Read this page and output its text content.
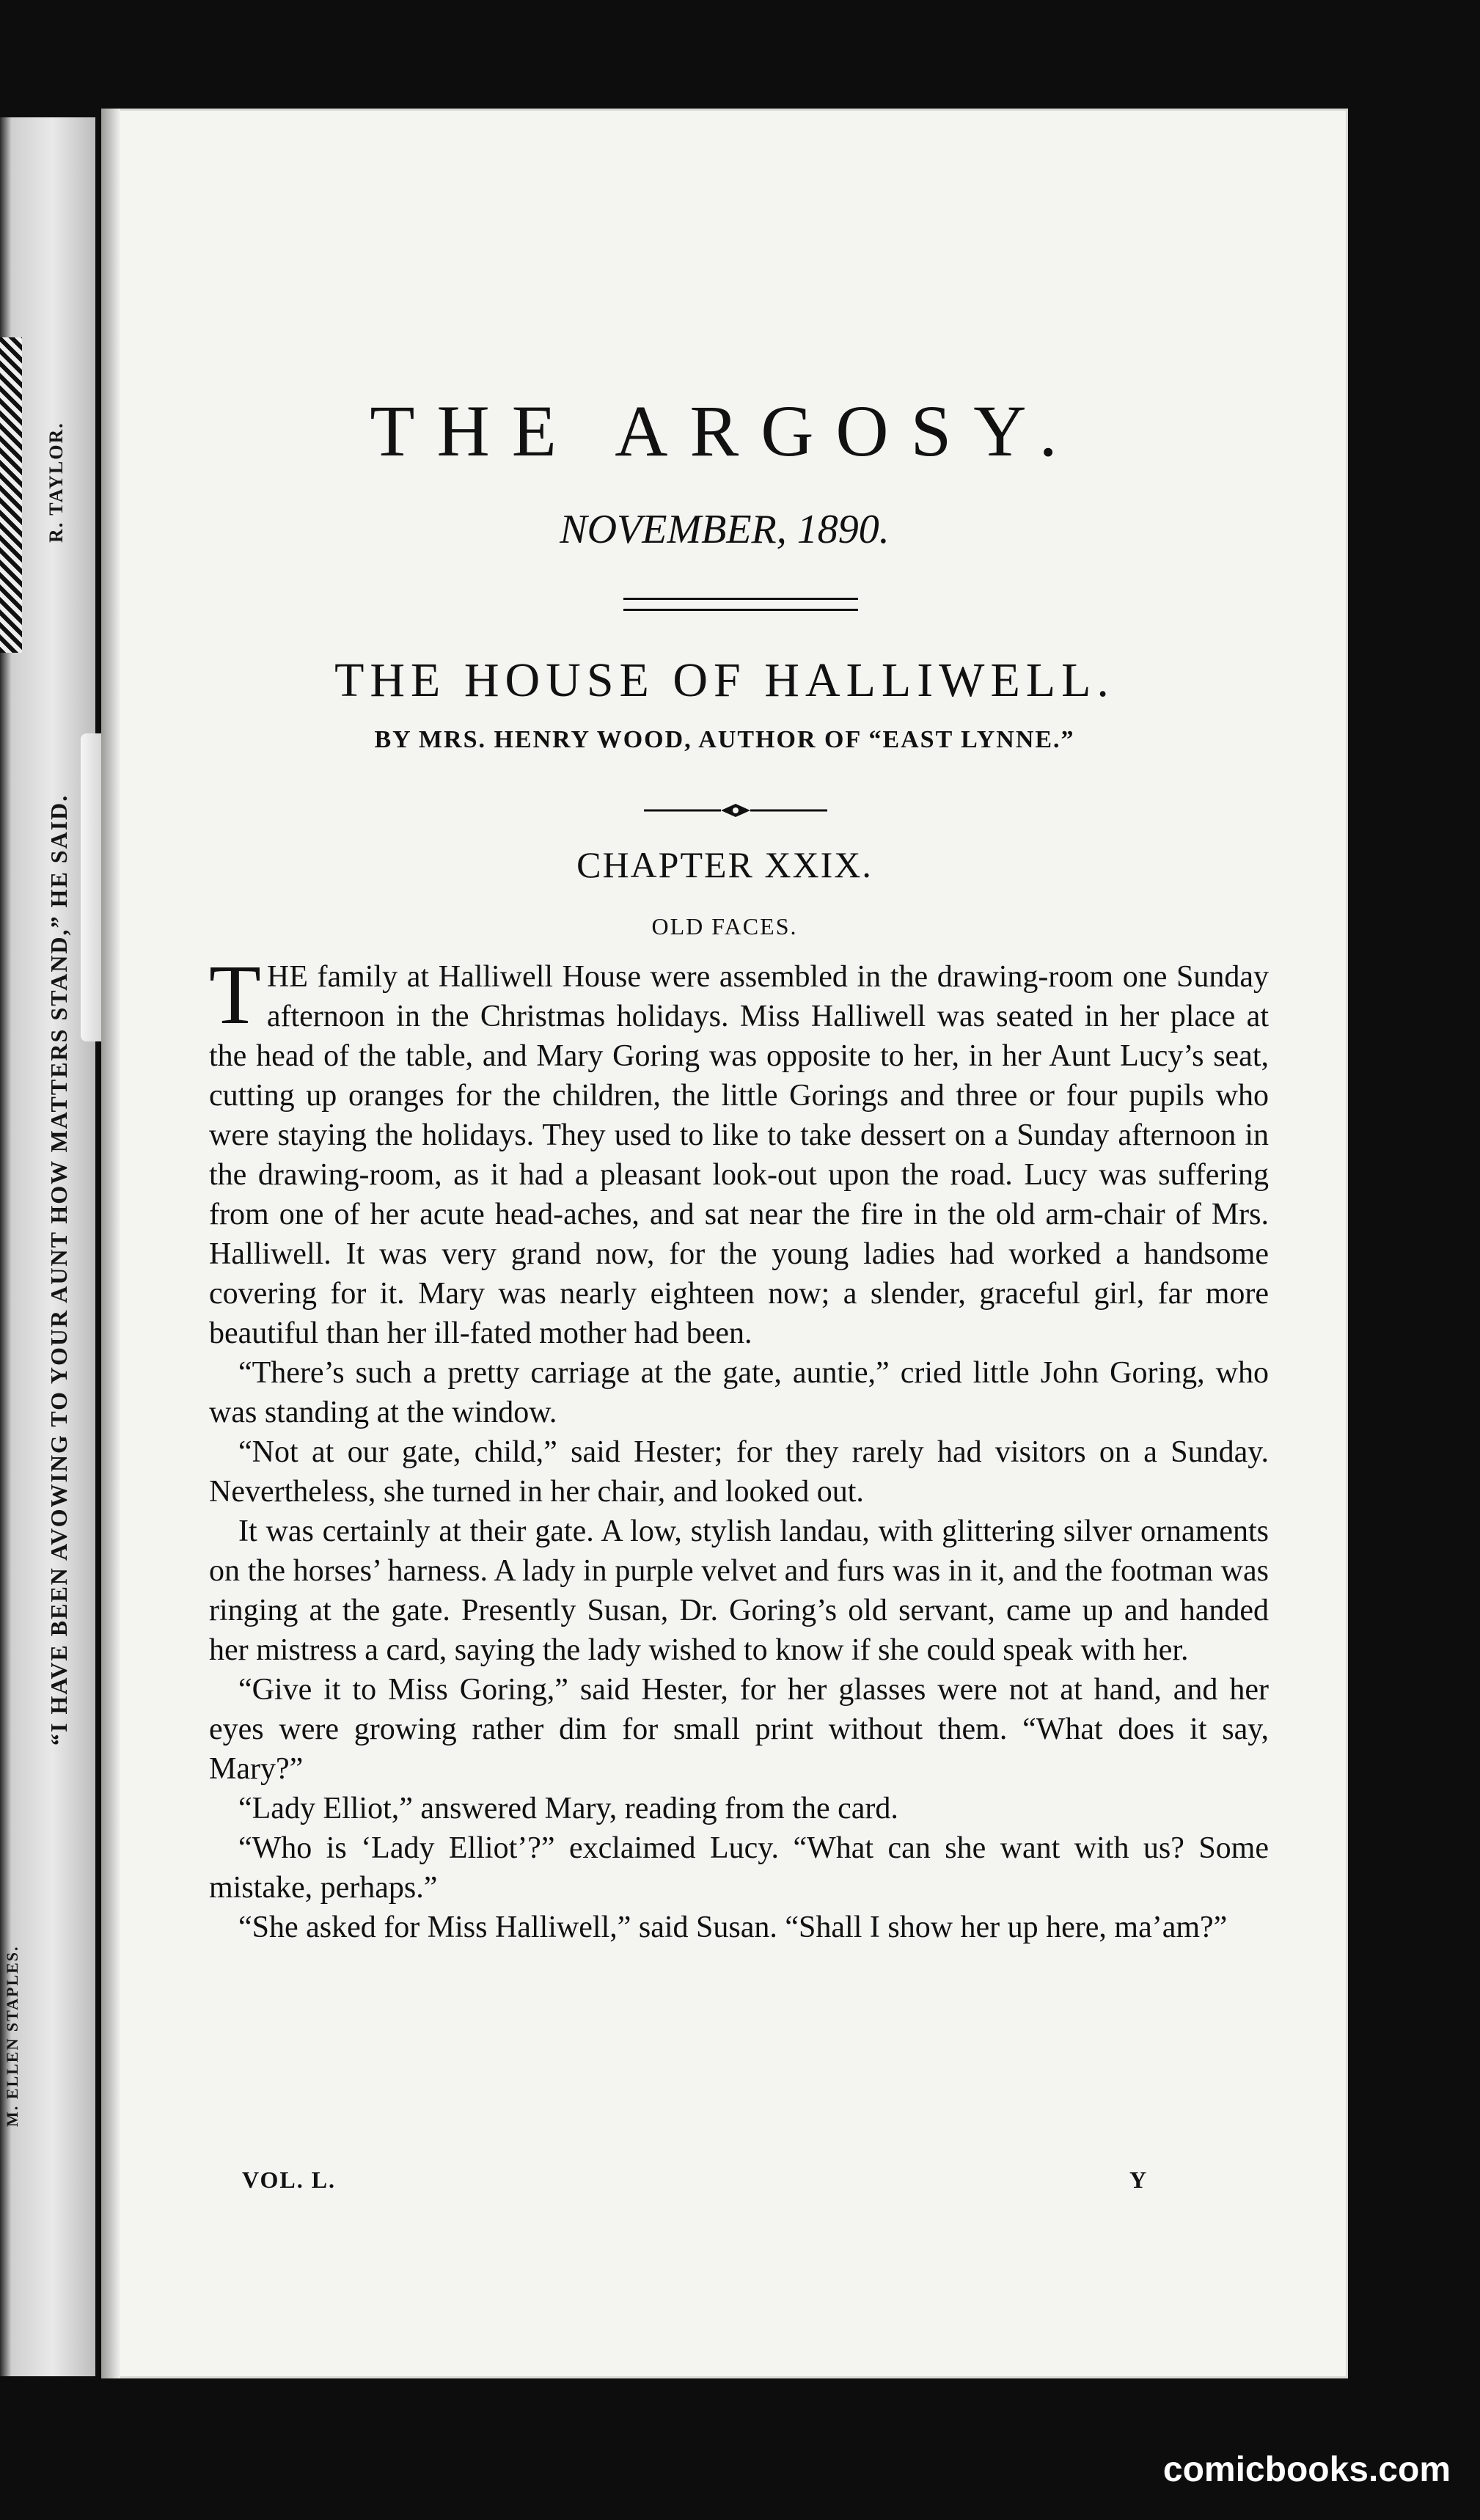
R. TAYLOR.
“I HAVE BEEN AVOWING TO YOUR AUNT HOW MATTERS STAND,” HE SAID.
M. ELLEN STAPLES.
THE ARGOSY.
NOVEMBER, 1890.
THE HOUSE OF HALLIWELL.
BY MRS. HENRY WOOD, AUTHOR OF “EAST LYNNE.”
CHAPTER XXIX.
OLD FACES.

THE family at Halliwell House were assembled in the drawing-room one Sunday afternoon in the Christmas holidays. Miss Halliwell was seated in her place at the head of the table, and Mary Goring was opposite to her, in her Aunt Lucy’s seat, cutting up oranges for the children, the little Gorings and three or four pupils who were staying the holidays. They used to like to take dessert on a Sunday afternoon in the drawing-room, as it had a pleasant look-out upon the road. Lucy was suffering from one of her acute head-aches, and sat near the fire in the old arm-chair of Mrs. Halliwell. It was very grand now, for the young ladies had worked a handsome covering for it. Mary was nearly eighteen now; a slender, graceful girl, far more beautiful than her ill-fated mother had been.

“There’s such a pretty carriage at the gate, auntie,” cried little John Goring, who was standing at the window.

“Not at our gate, child,” said Hester; for they rarely had visitors on a Sunday. Nevertheless, she turned in her chair, and looked out.

It was certainly at their gate. A low, stylish landau, with glittering silver ornaments on the horses’ harness. A lady in purple velvet and furs was in it, and the footman was ringing at the gate. Presently Susan, Dr. Goring’s old servant, came up and handed her mistress a card, saying the lady wished to know if she could speak with her.

“Give it to Miss Goring,” said Hester, for her glasses were not at hand, and her eyes were growing rather dim for small print without them. “What does it say, Mary?”

“Lady Elliot,” answered Mary, reading from the card.

“Who is ‘Lady Elliot’?” exclaimed Lucy. “What can she want with us? Some mistake, perhaps.”

“She asked for Miss Halliwell,” said Susan. “Shall I show her up here, ma’am?”

VOL. L.	Y
comicbooks.com
